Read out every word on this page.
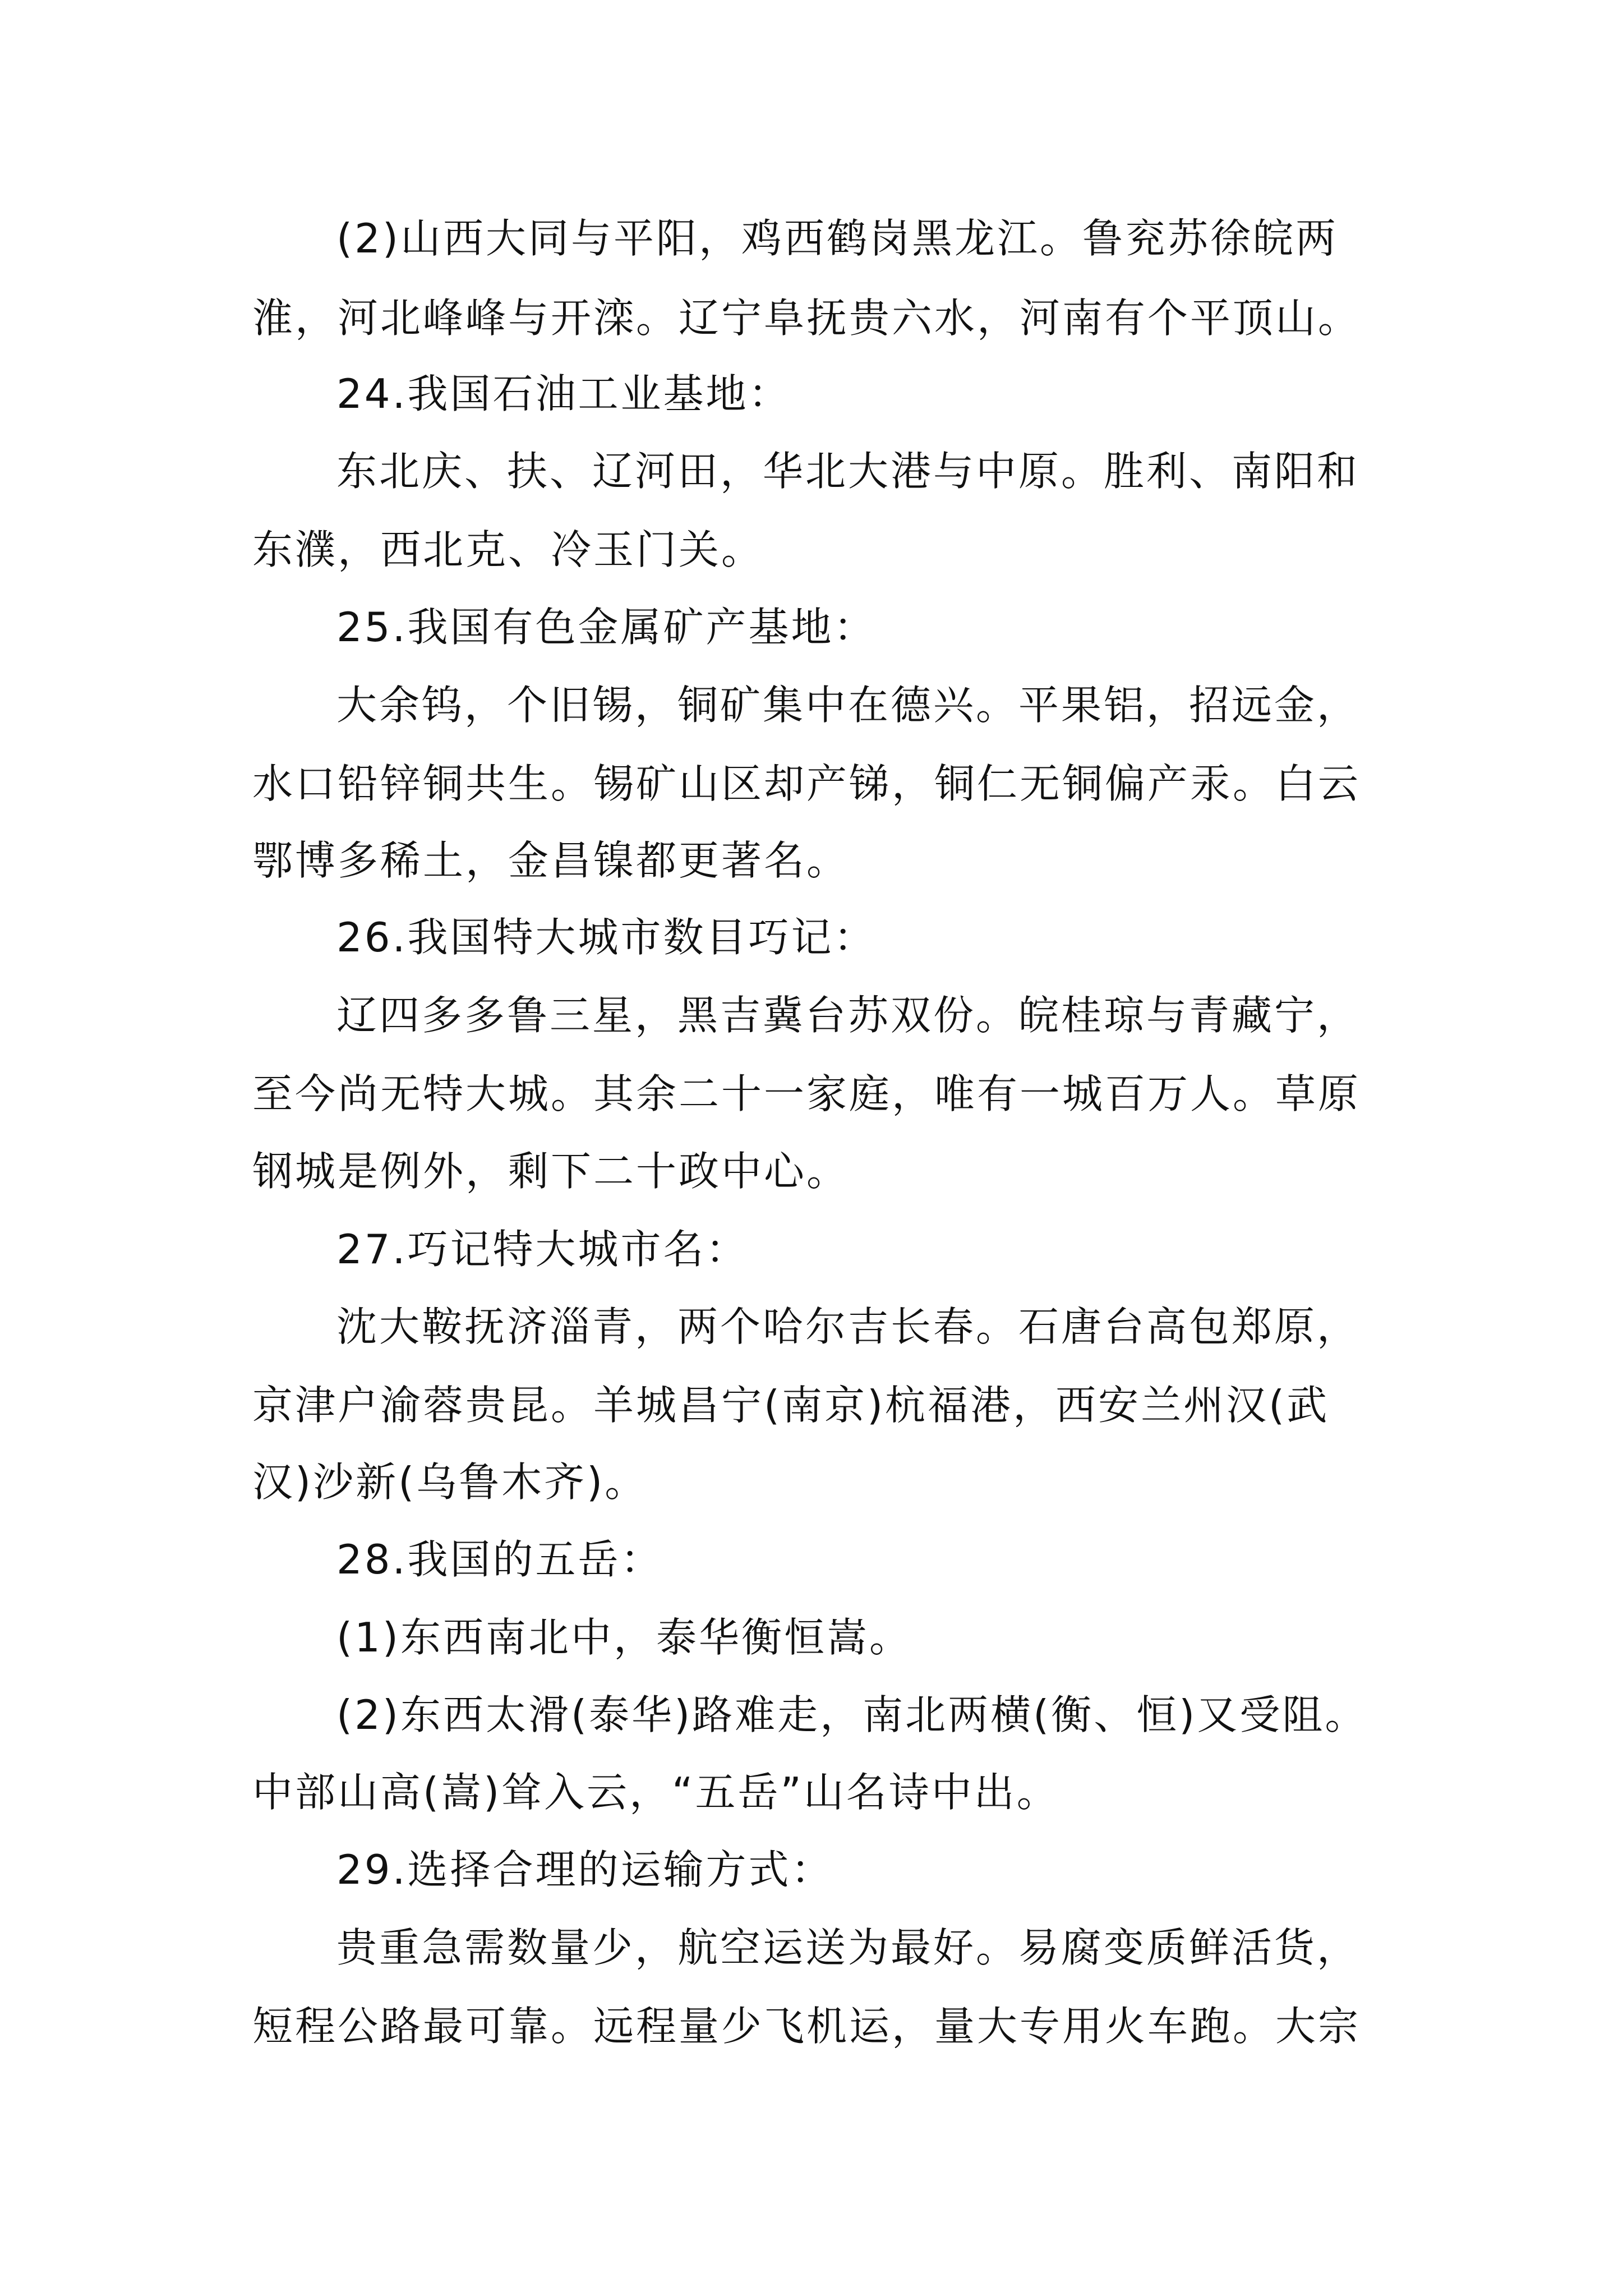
(2)山西大同与平阳，鸡西鹤岗黑龙江。鲁兖苏徐皖两
淮，河北峰峰与开滦。辽宁阜抚贵六水，河南有个平顶山。
24.我国石油工业基地：
东北庆、扶、辽河田，华北大港与中原。胜利、南阳和
东濮，西北克、冷玉门关。
25.我国有色金属矿产基地：
大余钨，个旧锡，铜矿集中在德兴。平果铝，招远金，
水口铅锌铜共生。锡矿山区却产锑，铜仁无铜偏产汞。白云
鄂博多稀土，金昌镍都更著名。
26.我国特大城市数目巧记：
辽四多多鲁三星，黑吉冀台苏双份。皖桂琼与青藏宁，
至今尚无特大城。其余二十一家庭，唯有一城百万人。草原
钢城是例外，剩下二十政中心。
27.巧记特大城市名：
沈大鞍抚济淄青，两个哈尔吉长春。石唐台高包郑原，
京津户渝蓉贵昆。羊城昌宁(南京)杭福港，西安兰州汉(武
汉)沙新(乌鲁木齐)。
28.我国的五岳：
(1)东西南北中，泰华衡恒嵩。
(2)东西太滑(泰华)路难走，南北两横(衡、恒)又受阻。
中部山高(嵩)耸入云，“五岳”山名诗中出。
29.选择合理的运输方式：
贵重急需数量少，航空运送为最好。易腐变质鲜活货，
短程公路最可靠。远程量少飞机运，量大专用火车跑。大宗
